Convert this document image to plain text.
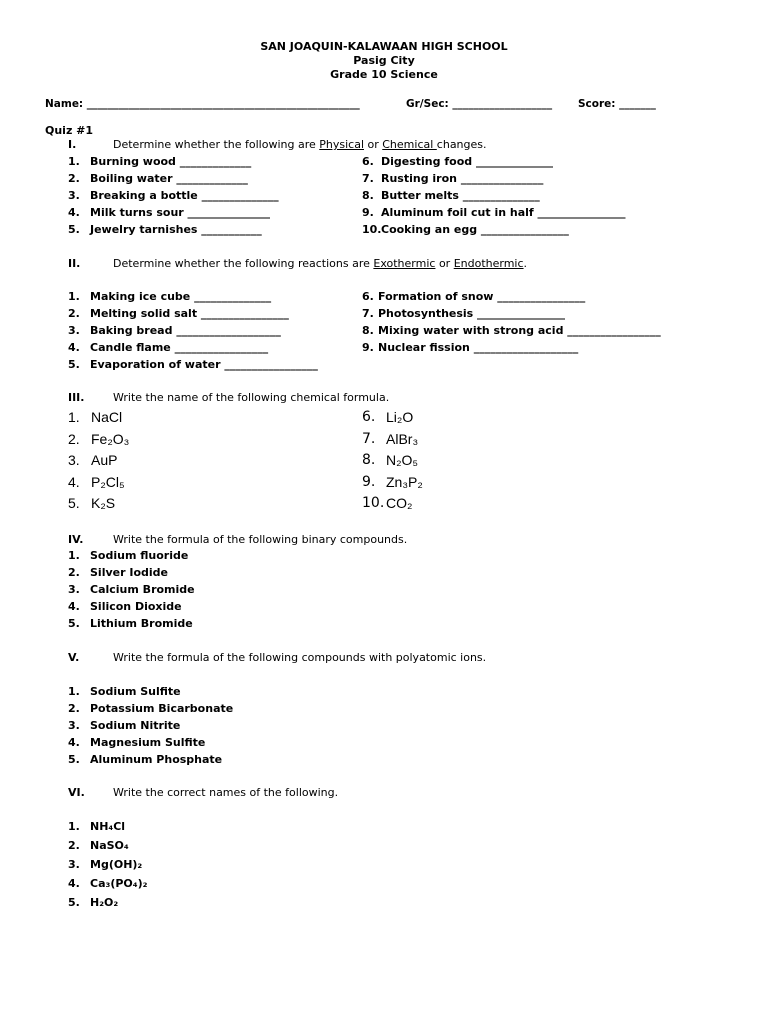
SAN JOAQUIN-KALAWAAN HIGH SCHOOL
Pasig City
Grade 10 Science
Name: ____________________________________________________	Gr/Sec: ___________________ Score: _______
Quiz #1
I.	Determine whether the following are Physical or Chemical changes.
1. Burning wood _____________
2. Boiling water _____________
3. Breaking a bottle ______________
4. Milk turns sour _______________
5. Jewelry tarnishes ___________
6. Digesting food ______________
7. Rusting iron _______________
8. Butter melts ______________
9. Aluminum foil cut in half ________________
10. Cooking an egg ________________
II.	Determine whether the following reactions are Exothermic or Endothermic.
1. Making ice cube ______________
2. Melting solid salt ________________
3. Baking bread ___________________
4. Candle flame _________________
5. Evaporation of water _________________
6. Formation of snow ________________
7. Photosynthesis ________________
8. Mixing water with strong acid _________________
9. Nuclear fission ___________________
III.	Write the name of the following chemical formula.
1. NaCl
2. Fe₂O₃
3. AuP
4. P₂Cl₅
5. K₂S
6. Li₂O
7. AlBr₃
8. N₂O₅
9. Zn₃P₂
10. CO₂
IV.	Write the formula of the following binary compounds.
1. Sodium fluoride
2. Silver Iodide
3. Calcium Bromide
4. Silicon Dioxide
5. Lithium Bromide
V.	Write the formula of the following compounds with polyatomic ions.
1. Sodium Sulfite
2. Potassium Bicarbonate
3. Sodium Nitrite
4. Magnesium Sulfite
5. Aluminum Phosphate
VI.	Write the correct names of the following.
1. NH₄Cl
2. NaSO₄
3. Mg(OH)₂
4. Ca₃(PO₄)₂
5. H₂O₂
